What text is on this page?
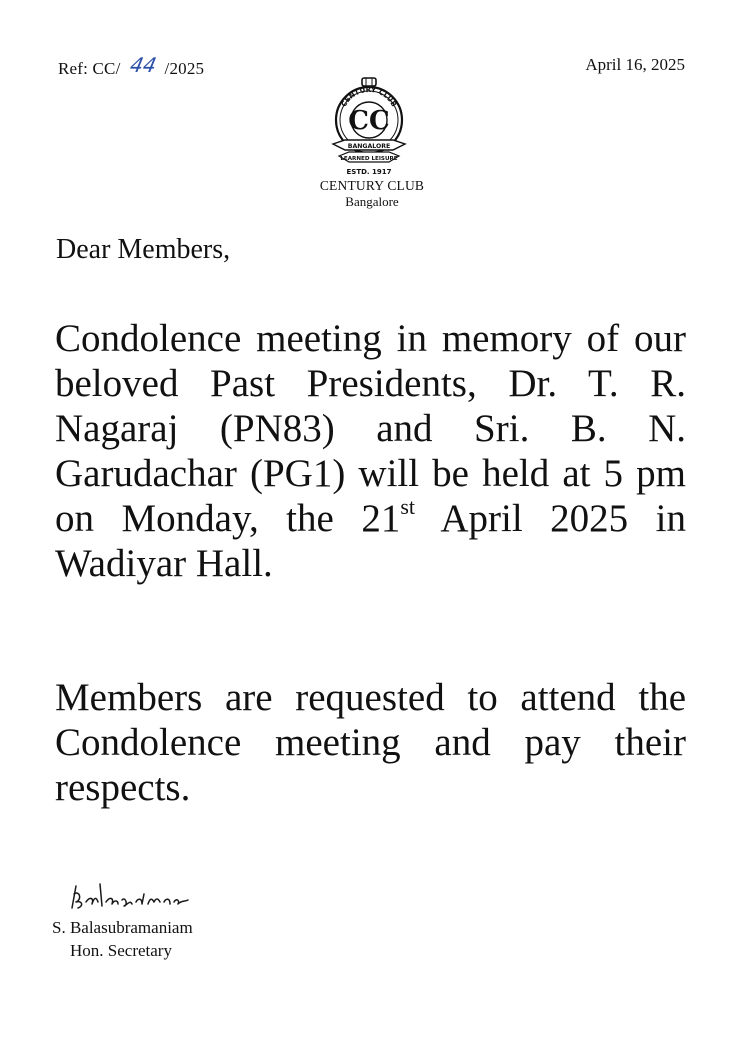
Ref: CC/ 44 /2025	April 16, 2025
CENTURY CLUB
CC
BANGALORE
LEARNED LEISURE
ESTD. 1917
CENTURY CLUB
Bangalore
Dear Members,
Condolence meeting in memory of our beloved Past Presidents, Dr. T. R. Nagaraj (PN83) and Sri. B. N. Garudachar (PG1) will be held at 5 pm on Monday, the 21st April 2025 in Wadiyar Hall.
Members are requested to attend the Condolence meeting and pay their respects.
S. Balasubramaniam
Hon. Secretary
